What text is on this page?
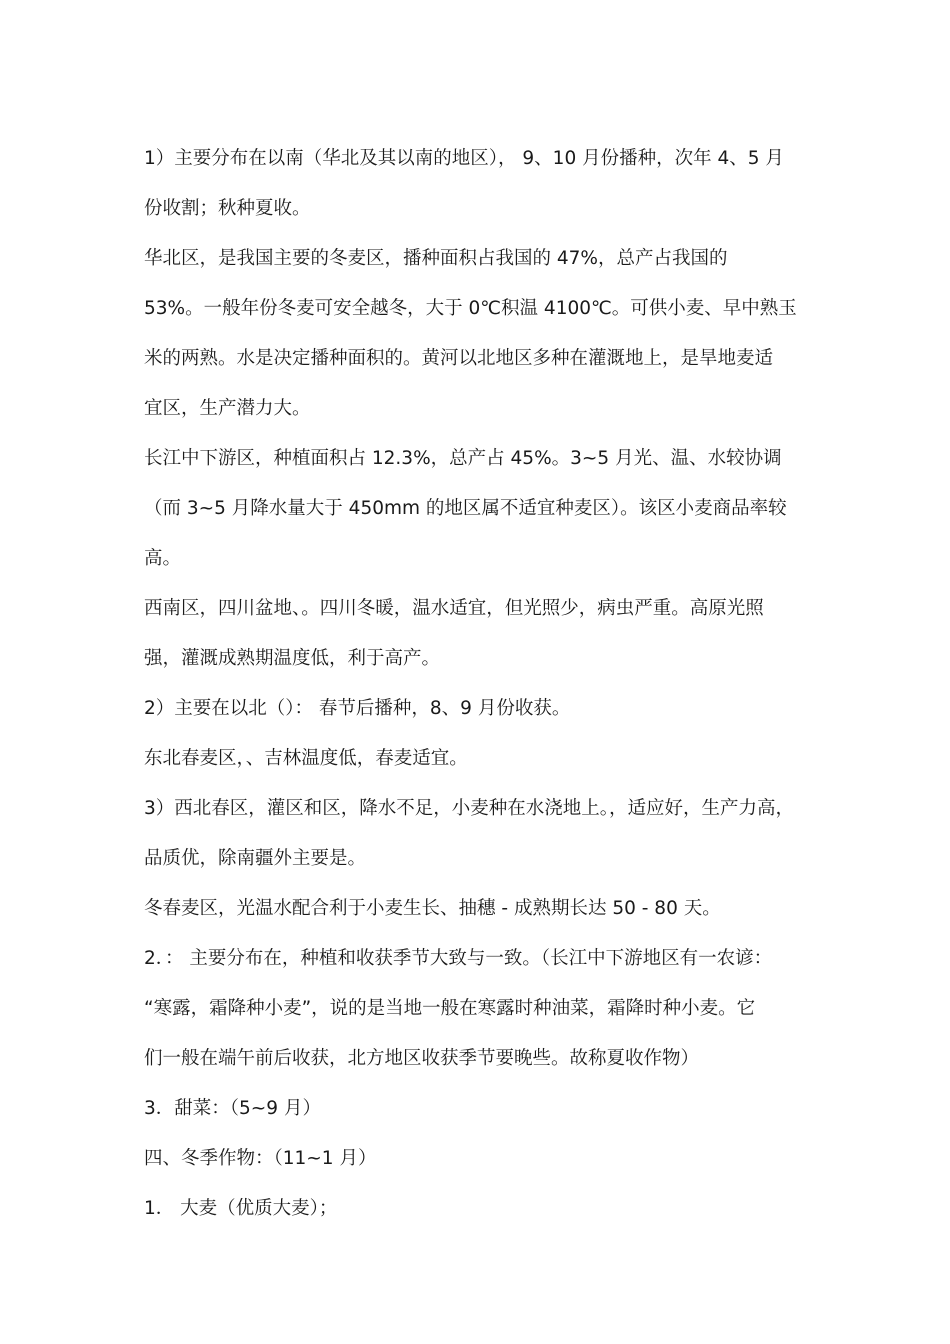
1）主要分布在以南（华北及其以南的地区）， 9、10 月份播种，次年 4、5 月
份收割；秋种夏收。
华北区，是我国主要的冬麦区，播种面积占我国的 47%，总产占我国的
53%。一般年份冬麦可安全越冬，大于 0℃积温 4100℃。可供小麦、早中熟玉
米的两熟。水是决定播种面积的。黄河以北地区多种在灌溉地上，是旱地麦适
宜区，生产潜力大。
长江中下游区，种植面积占 12.3%，总产占 45%。3~5 月光、温、水较协调
（而 3~5 月降水量大于 450mm 的地区属不适宜种麦区）。该区小麦商品率较
高。
西南区，四川盆地、。四川冬暖，温水适宜，但光照少，病虫严重。高原光照
强，灌溉成熟期温度低，利于高产。
2）主要在以北（）： 春节后播种，8、9 月份收获。
东北春麦区，、吉林温度低，春麦适宜。
3）西北春区，灌区和区，降水不足，小麦种在水浇地上。，适应好，生产力高，
品质优，除南疆外主要是。
冬春麦区，光温水配合利于小麦生长、抽穗 - 成熟期长达 50 - 80 天。
2．： 主要分布在，种植和收获季节大致与一致。（长江中下游地区有一农谚：
“寒露，霜降种小麦”，说的是当地一般在寒露时种油菜，霜降时种小麦。它
们一般在端午前后收获，北方地区收获季节要晚些。故称夏收作物）
3．甜菜：（5~9 月）
四、冬季作物：（11~1 月）
1． 大麦（优质大麦）；
